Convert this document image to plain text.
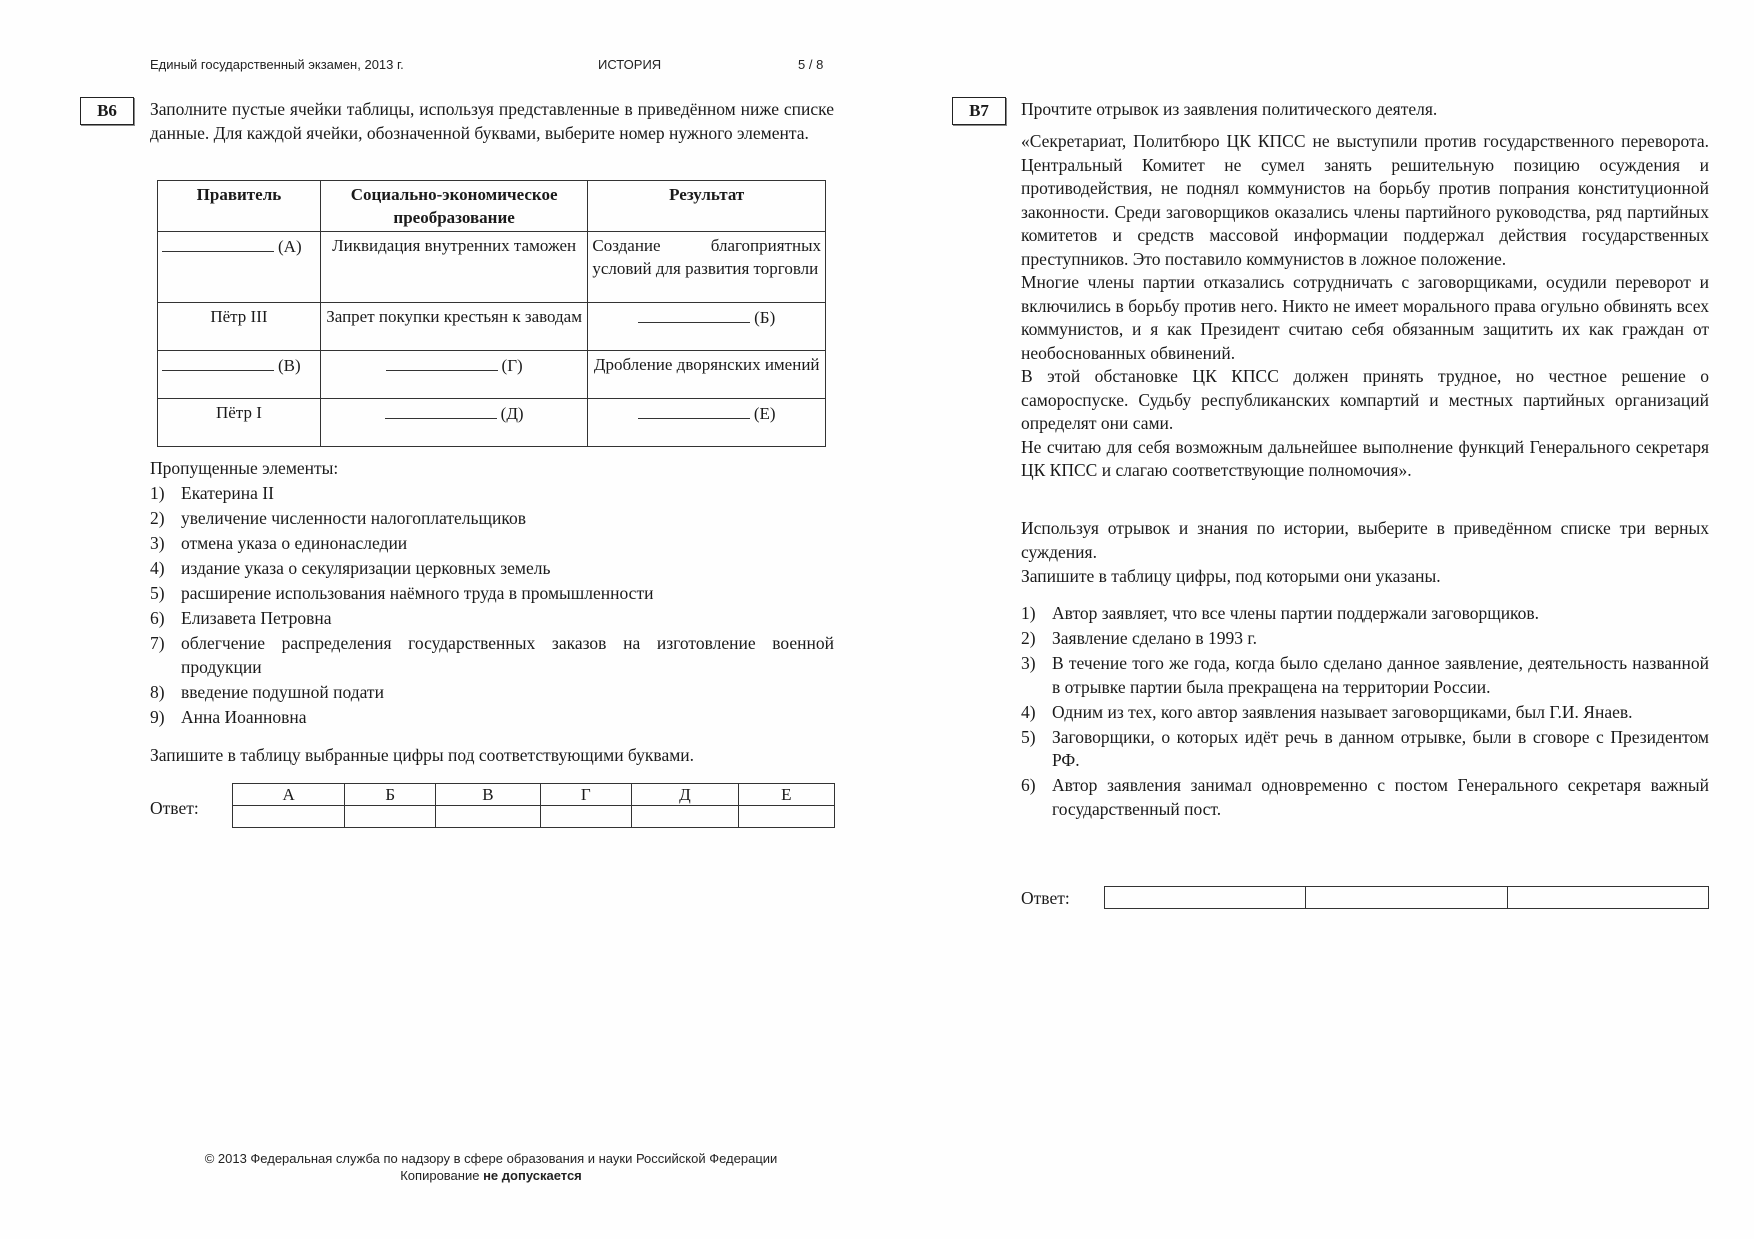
Единый государственный экзамен, 2013 г.	ИСТОРИЯ	5 / 8
B6	Заполните пустые ячейки таблицы, используя представленные в приведённом ниже списке данные. Для каждой ячейки, обозначенной буквами, выберите номер нужного элемента.
Правитель	Социально-экономическое преобразование	Результат
(А)	Ликвидация внутренних таможен	Создание благоприятных условий для развития торговли
Пётр III	Запрет покупки крестьян к заводам	(Б)
(В)	(Г)	Дробление дворянских имений
Пётр I	(Д)	(Е)
Пропущенные элементы:
1) Екатерина II
2) увеличение численности налогоплательщиков
3) отмена указа о единонаследии
4) издание указа о секуляризации церковных земель
5) расширение использования наёмного труда в промышленности
6) Елизавета Петровна
7) облегчение распределения государственных заказов на изготовление военной продукции
8) введение подушной подати
9) Анна Иоанновна
Запишите в таблицу выбранные цифры под соответствующими буквами.
Ответ:
А	Б	В	Г	Д	Е

B7	Прочтите отрывок из заявления политического деятеля.

«Секретариат, Политбюро ЦК КПСС не выступили против государственного переворота. Центральный Комитет не сумел занять решительную позицию осуждения и противодействия, не поднял коммунистов на борьбу против попрания конституционной законности. Среди заговорщиков оказались члены партийного руководства, ряд партийных комитетов и средств массовой информации поддержал действия государственных преступников. Это поставило коммунистов в ложное положение.

Многие члены партии отказались сотрудничать с заговорщиками, осудили переворот и включились в борьбу против него. Никто не имеет морального права огульно обвинять всех коммунистов, и я как Президент считаю себя обязанным защитить их как граждан от необоснованных обвинений.

В этой обстановке ЦК КПСС должен принять трудное, но честное решение о самороспуске. Судьбу республиканских компартий и местных партийных организаций определят они сами.

Не считаю для себя возможным дальнейшее выполнение функций Генерального секретаря ЦК КПСС и слагаю соответствующие полномочия».

Используя отрывок и знания по истории, выберите в приведённом списке три верных суждения.
Запишите в таблицу цифры, под которыми они указаны.
1) Автор заявляет, что все члены партии поддержали заговорщиков.
2) Заявление сделано в 1993 г.
3) В течение того же года, когда было сделано данное заявление, деятельность названной в отрывке партии была прекращена на территории России.
4) Одним из тех, кого автор заявления называет заговорщиками, был Г.И. Янаев.
5) Заговорщики, о которых идёт речь в данном отрывке, были в сговоре с Президентом РФ.
6) Автор заявления занимал одновременно с постом Генерального секретаря важный государственный пост.
Ответ:

© 2013 Федеральная служба по надзору в сфере образования и науки Российской Федерации
Копирование не допускается
